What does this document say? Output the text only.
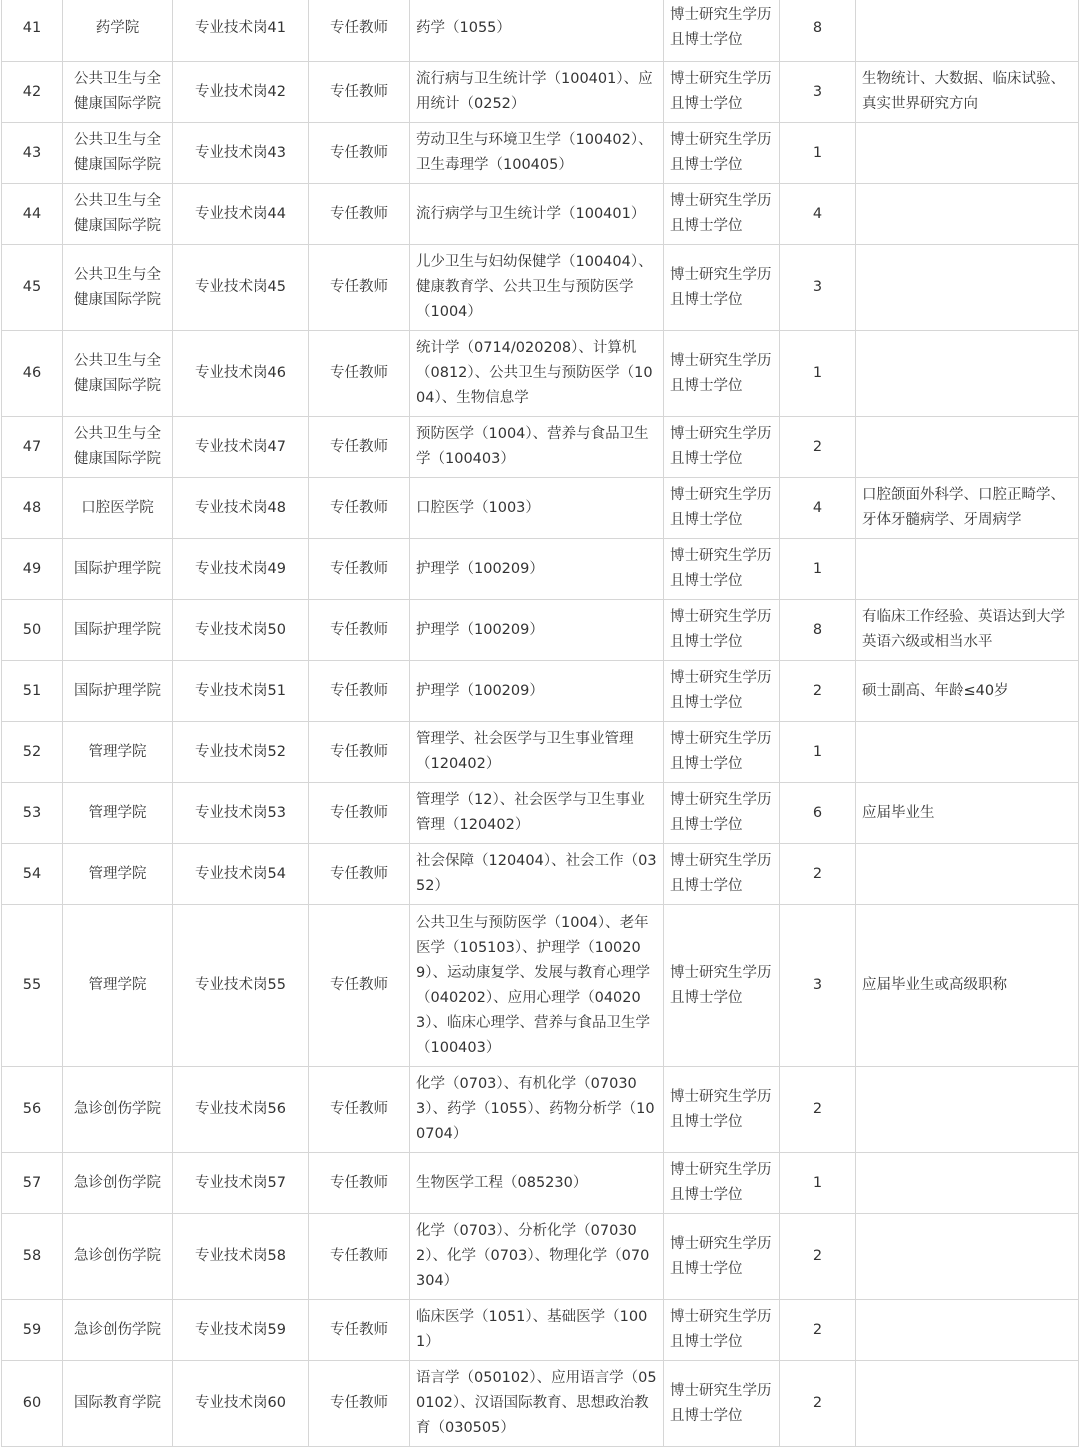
41	药学院	专业技术岗41	专任教师	药学（1055）	博士研究生学历且博士学位	8	
42	公共卫生与全健康国际学院	专业技术岗42	专任教师	流行病与卫生统计学（100401）、应用统计（0252）	博士研究生学历且博士学位	3	生物统计、大数据、临床试验、真实世界研究方向
43	公共卫生与全健康国际学院	专业技术岗43	专任教师	劳动卫生与环境卫生学（100402）、卫生毒理学（100405）	博士研究生学历且博士学位	1	
44	公共卫生与全健康国际学院	专业技术岗44	专任教师	流行病学与卫生统计学（100401）	博士研究生学历且博士学位	4	
45	公共卫生与全健康国际学院	专业技术岗45	专任教师	儿少卫生与妇幼保健学（100404）、健康教育学、公共卫生与预防医学（1004）	博士研究生学历且博士学位	3	
46	公共卫生与全健康国际学院	专业技术岗46	专任教师	统计学（0714/020208）、计算机（0812）、公共卫生与预防医学（1004）、生物信息学	博士研究生学历且博士学位	1	
47	公共卫生与全健康国际学院	专业技术岗47	专任教师	预防医学（1004）、营养与食品卫生学（100403）	博士研究生学历且博士学位	2	
48	口腔医学院	专业技术岗48	专任教师	口腔医学（1003）	博士研究生学历且博士学位	4	口腔颌面外科学、口腔正畸学、牙体牙髓病学、牙周病学
49	国际护理学院	专业技术岗49	专任教师	护理学（100209）	博士研究生学历且博士学位	1	
50	国际护理学院	专业技术岗50	专任教师	护理学（100209）	博士研究生学历且博士学位	8	有临床工作经验、英语达到大学英语六级或相当水平
51	国际护理学院	专业技术岗51	专任教师	护理学（100209）	博士研究生学历且博士学位	2	硕士副高、年龄≤40岁
52	管理学院	专业技术岗52	专任教师	管理学、社会医学与卫生事业管理（120402）	博士研究生学历且博士学位	1	
53	管理学院	专业技术岗53	专任教师	管理学（12）、社会医学与卫生事业管理（120402）	博士研究生学历且博士学位	6	应届毕业生
54	管理学院	专业技术岗54	专任教师	社会保障（120404）、社会工作（0352）	博士研究生学历且博士学位	2	
55	管理学院	专业技术岗55	专任教师	公共卫生与预防医学（1004）、老年医学（105103）、护理学（100209）、运动康复学、发展与教育心理学（040202）、应用心理学（040203）、临床心理学、营养与食品卫生学（100403）	博士研究生学历且博士学位	3	应届毕业生或高级职称
56	急诊创伤学院	专业技术岗56	专任教师	化学（0703）、有机化学（070303）、药学（1055）、药物分析学（100704）	博士研究生学历且博士学位	2	
57	急诊创伤学院	专业技术岗57	专任教师	生物医学工程（085230）	博士研究生学历且博士学位	1	
58	急诊创伤学院	专业技术岗58	专任教师	化学（0703）、分析化学（070302）、化学（0703）、物理化学（070304）	博士研究生学历且博士学位	2	
59	急诊创伤学院	专业技术岗59	专任教师	临床医学（1051）、基础医学（1001）	博士研究生学历且博士学位	2	
60	国际教育学院	专业技术岗60	专任教师	语言学（050102）、应用语言学（050102）、汉语国际教育、思想政治教育（030505）	博士研究生学历且博士学位	2	
